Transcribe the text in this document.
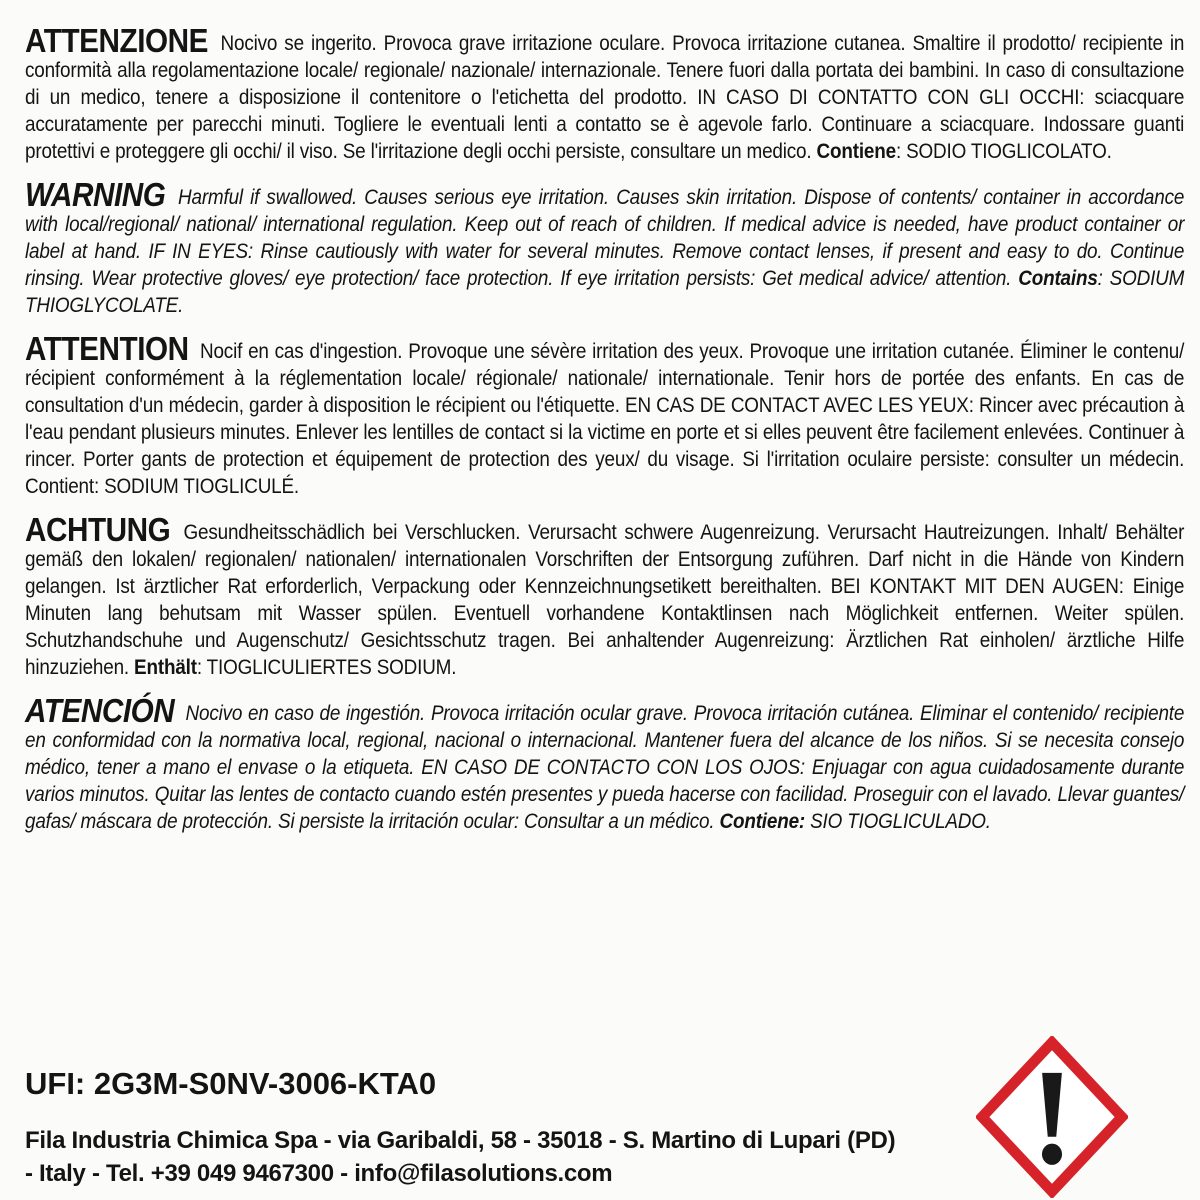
ATTENZIONE Nocivo se ingerito. Provoca grave irritazione oculare. Provoca irritazione cutanea. Smaltire il prodotto/ recipiente in conformità alla regolamentazione locale/ regionale/ nazionale/ internazionale. Tenere fuori dalla portata dei bambini. In caso di consultazione di un medico, tenere a disposizione il contenitore o l'etichetta del prodotto. IN CASO DI CONTATTO CON GLI OCCHI: sciacquare accuratamente per parecchi minuti. Togliere le eventuali lenti a contatto se è agevole farlo. Continuare a sciacquare. Indossare guanti protettivi e proteggere gli occhi/ il viso. Se l'irritazione degli occhi persiste, consultare un medico. Contiene: SODIO TIOGLICOLATO.

WARNING Harmful if swallowed. Causes serious eye irritation. Causes skin irritation. Dispose of contents/ container in accordance with local/regional/ national/ international regulation. Keep out of reach of children. If medical advice is needed, have product container or label at hand. IF IN EYES: Rinse cautiously with water for several minutes. Remove contact lenses, if present and easy to do. Continue rinsing. Wear protective gloves/ eye protection/ face protection. If eye irritation persists: Get medical advice/ attention. Contains: SODIUM THIOGLYCOLATE.

ATTENTION Nocif en cas d'ingestion. Provoque une sévère irritation des yeux. Provoque une irritation cutanée. Éliminer le contenu/ récipient conformément à la réglementation locale/ régionale/ nationale/ internationale. Tenir hors de portée des enfants. En cas de consultation d'un médecin, garder à disposition le récipient ou l'étiquette. EN CAS DE CONTACT AVEC LES YEUX: Rincer avec précaution à l'eau pendant plusieurs minutes. Enlever les lentilles de contact si la victime en porte et si elles peuvent être facilement enlevées. Continuer à rincer. Porter gants de protection et équipement de protection des yeux/ du visage. Si l'irritation oculaire persiste: consulter un médecin. Contient: SODIUM TIOGLICULÉ.

ACHTUNG Gesundheitsschädlich bei Verschlucken. Verursacht schwere Augenreizung. Verursacht Hautreizungen. Inhalt/ Behälter gemäß den lokalen/ regionalen/ nationalen/ internationalen Vorschriften der Entsorgung zuführen. Darf nicht in die Hände von Kindern gelangen. Ist ärztlicher Rat erforderlich, Verpackung oder Kennzeichnungsetikett bereithalten. BEI KONTAKT MIT DEN AUGEN: Einige Minuten lang behutsam mit Wasser spülen. Eventuell vorhandene Kontaktlinsen nach Möglichkeit entfernen. Weiter spülen. Schutzhandschuhe und Augenschutz/ Gesichtsschutz tragen. Bei anhaltender Augenreizung: Ärztlichen Rat einholen/ ärztliche Hilfe hinzuziehen. Enthält: TIOGLICULIERTES SODIUM.

ATENCIÓN Nocivo en caso de ingestión. Provoca irritación ocular grave. Provoca irritación cutánea. Eliminar el contenido/ recipiente en conformidad con la normativa local, regional, nacional o internacional. Mantener fuera del alcance de los niños. Si se necesita consejo médico, tener a mano el envase o la etiqueta. EN CASO DE CONTACTO CON LOS OJOS: Enjuagar con agua cuidadosamente durante varios minutos. Quitar las lentes de contacto cuando estén presentes y pueda hacerse con facilidad. Proseguir con el lavado. Llevar guantes/ gafas/ máscara de protección. Si persiste la irritación ocular: Consultar a un médico. Contiene: SIO TIOGLICULADO.

UFI: 2G3M-S0NV-3006-KTA0
Fila Industria Chimica Spa - via Garibaldi, 58 - 35018 - S. Martino di Lupari (PD)
- Italy - Tel. +39 049 9467300 - info@filasolutions.com
